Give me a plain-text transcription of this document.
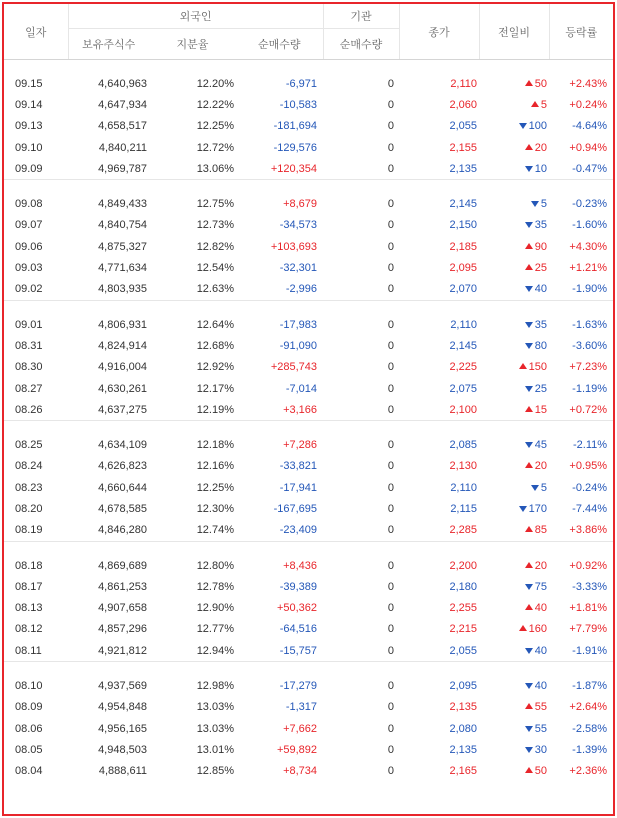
일자	외국인			기관	종가	전일비	등락률
	보유주식수	지분율	순매수량	순매수량			

09.15	4,640,963	12.20%	-6,971	0	2,110	50	+2.43%
09.14	4,647,934	12.22%	-10,583	0	2,060	5	+0.24%
09.13	4,658,517	12.25%	-181,694	0	2,055	100	-4.64%
09.10	4,840,211	12.72%	-129,576	0	2,155	20	+0.94%
09.09	4,969,787	13.06%	+120,354	0	2,135	10	-0.47%

09.08	4,849,433	12.75%	+8,679	0	2,145	5	-0.23%
09.07	4,840,754	12.73%	-34,573	0	2,150	35	-1.60%
09.06	4,875,327	12.82%	+103,693	0	2,185	90	+4.30%
09.03	4,771,634	12.54%	-32,301	0	2,095	25	+1.21%
09.02	4,803,935	12.63%	-2,996	0	2,070	40	-1.90%

09.01	4,806,931	12.64%	-17,983	0	2,110	35	-1.63%
08.31	4,824,914	12.68%	-91,090	0	2,145	80	-3.60%
08.30	4,916,004	12.92%	+285,743	0	2,225	150	+7.23%
08.27	4,630,261	12.17%	-7,014	0	2,075	25	-1.19%
08.26	4,637,275	12.19%	+3,166	0	2,100	15	+0.72%

08.25	4,634,109	12.18%	+7,286	0	2,085	45	-2.11%
08.24	4,626,823	12.16%	-33,821	0	2,130	20	+0.95%
08.23	4,660,644	12.25%	-17,941	0	2,110	5	-0.24%
08.20	4,678,585	12.30%	-167,695	0	2,115	170	-7.44%
08.19	4,846,280	12.74%	-23,409	0	2,285	85	+3.86%

08.18	4,869,689	12.80%	+8,436	0	2,200	20	+0.92%
08.17	4,861,253	12.78%	-39,389	0	2,180	75	-3.33%
08.13	4,907,658	12.90%	+50,362	0	2,255	40	+1.81%
08.12	4,857,296	12.77%	-64,516	0	2,215	160	+7.79%
08.11	4,921,812	12.94%	-15,757	0	2,055	40	-1.91%

08.10	4,937,569	12.98%	-17,279	0	2,095	40	-1.87%
08.09	4,954,848	13.03%	-1,317	0	2,135	55	+2.64%
08.06	4,956,165	13.03%	+7,662	0	2,080	55	-2.58%
08.05	4,948,503	13.01%	+59,892	0	2,135	30	-1.39%
08.04	4,888,611	12.85%	+8,734	0	2,165	50	+2.36%
